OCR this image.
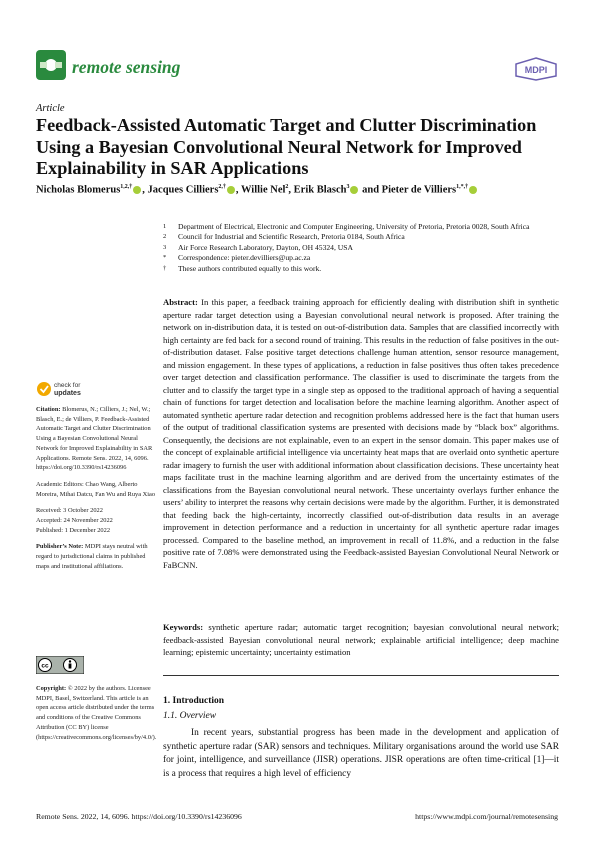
remote sensing	MDPI
Article
Feedback-Assisted Automatic Target and Clutter Discrimination Using a Bayesian Convolutional Neural Network for Improved Explainability in SAR Applications
Nicholas Blomerus$^{1,2,\dagger}$ , Jacques Cilliers$^{2,\dagger}$ , Willie Nel$^2$, Erik Blasch$^3$ and Pieter de Villiers$^{1,*,\dagger}$
1	Department of Electrical, Electronic and Computer Engineering, University of Pretoria, Pretoria 0028, South Africa
2	Council for Industrial and Scientific Research, Pretoria 0184, South Africa
3	Air Force Research Laboratory, Dayton, OH 45324, USA
*	Correspondence: pieter.devilliers@up.ac.za
†	These authors contributed equally to this work.
Abstract: In this paper, a feedback training approach for efficiently dealing with distribution shift in synthetic aperture radar target detection using a Bayesian convolutional neural network is proposed. After training the network on in-distribution data, it is tested on out-of-distribution data. Samples that are classified incorrectly with high certainty are fed back for a second round of training. This results in the reduction of false positives in the out-of-distribution dataset. False positive target detections challenge human attention, sensor resource management, and mission engagement. In these types of applications, a reduction in false positives thus often takes precedence over target detection and classification performance. The classifier is used to discriminate the targets from the clutter and to classify the target type in a single step as opposed to the traditional approach of having a sequential chain of functions for target detection and localisation before the machine learning algorithm. Another aspect of automated synthetic aperture radar detection and recognition problems addressed here is the fact that human users of the output of traditional classification systems are presented with decisions made by “black box” algorithms. Consequently, the decisions are not explainable, even to an expert in the sensor domain. This paper makes use of the concept of explainable artificial intelligence via uncertainty heat maps that are overlaid onto synthetic aperture radar imagery to furnish the user with additional information about classification decisions. These uncertainty heat maps facilitate trust in the machine learning algorithm and are derived from the uncertainty estimates of the classifications from the Bayesian convolutional neural network. These uncertainty overlays further enhance the users’ ability to interpret the reasons why certain decisions were made by the algorithm. Further, it is demonstrated that feeding back the high-certainty, incorrectly classified out-of-distribution data results in an average improvement in detection performance and a reduction in uncertainty for all synthetic aperture radar images processed. Compared to the baseline method, an improvement in recall of 11.8%, and a reduction in the false positive rate of 7.08% were demonstrated using the Feedback-assisted Bayesian Convolutional Neural Network or FaBCNN.
Keywords: synthetic aperture radar; automatic target recognition; bayesian convolutional neural network; feedback-assisted Bayesian convolutional neural network; explainable artificial intelligence; deep machine learning; epistemic uncertainty; uncertainty estimation
check for
updates

Citation: Blomerus, N.; Cilliers, J.; Nel, W.; Blasch, E.; de Villiers, P. Feedback-Assisted Automatic Target and Clutter Discrimination Using a Bayesian Convolutional Neural Network for Improved Explainability in SAR Applications. Remote Sens. 2022, 14, 6096. https://doi.org/10.3390/rs14236096

Academic Editors: Chao Wang, Alberto Moreira, Mihai Datcu, Fan Wu and Ruya Xiao

Received: 3 October 2022
Accepted: 24 November 2022
Published: 1 December 2022

Publisher’s Note: MDPI stays neutral with regard to jurisdictional claims in published maps and institutional affiliations.

cc

Copyright: © 2022 by the authors. Licensee MDPI, Basel, Switzerland. This article is an open access article distributed under the terms and conditions of the Creative Commons Attribution (CC BY) license (https://creativecommons.org/licenses/by/4.0/).

1. Introduction
1.1. Overview
In recent years, substantial progress has been made in the development and application of synthetic aperture radar (SAR) sensors and techniques. Military organisations around the world use SAR for joint, intelligence, and surveillance (JISR) operations. JISR operations are often time-critical [1]—it is a process that requires a high level of efficiency
Remote Sens. 2022, 14, 6096. https://doi.org/10.3390/rs14236096	https://www.mdpi.com/journal/remotesensing
